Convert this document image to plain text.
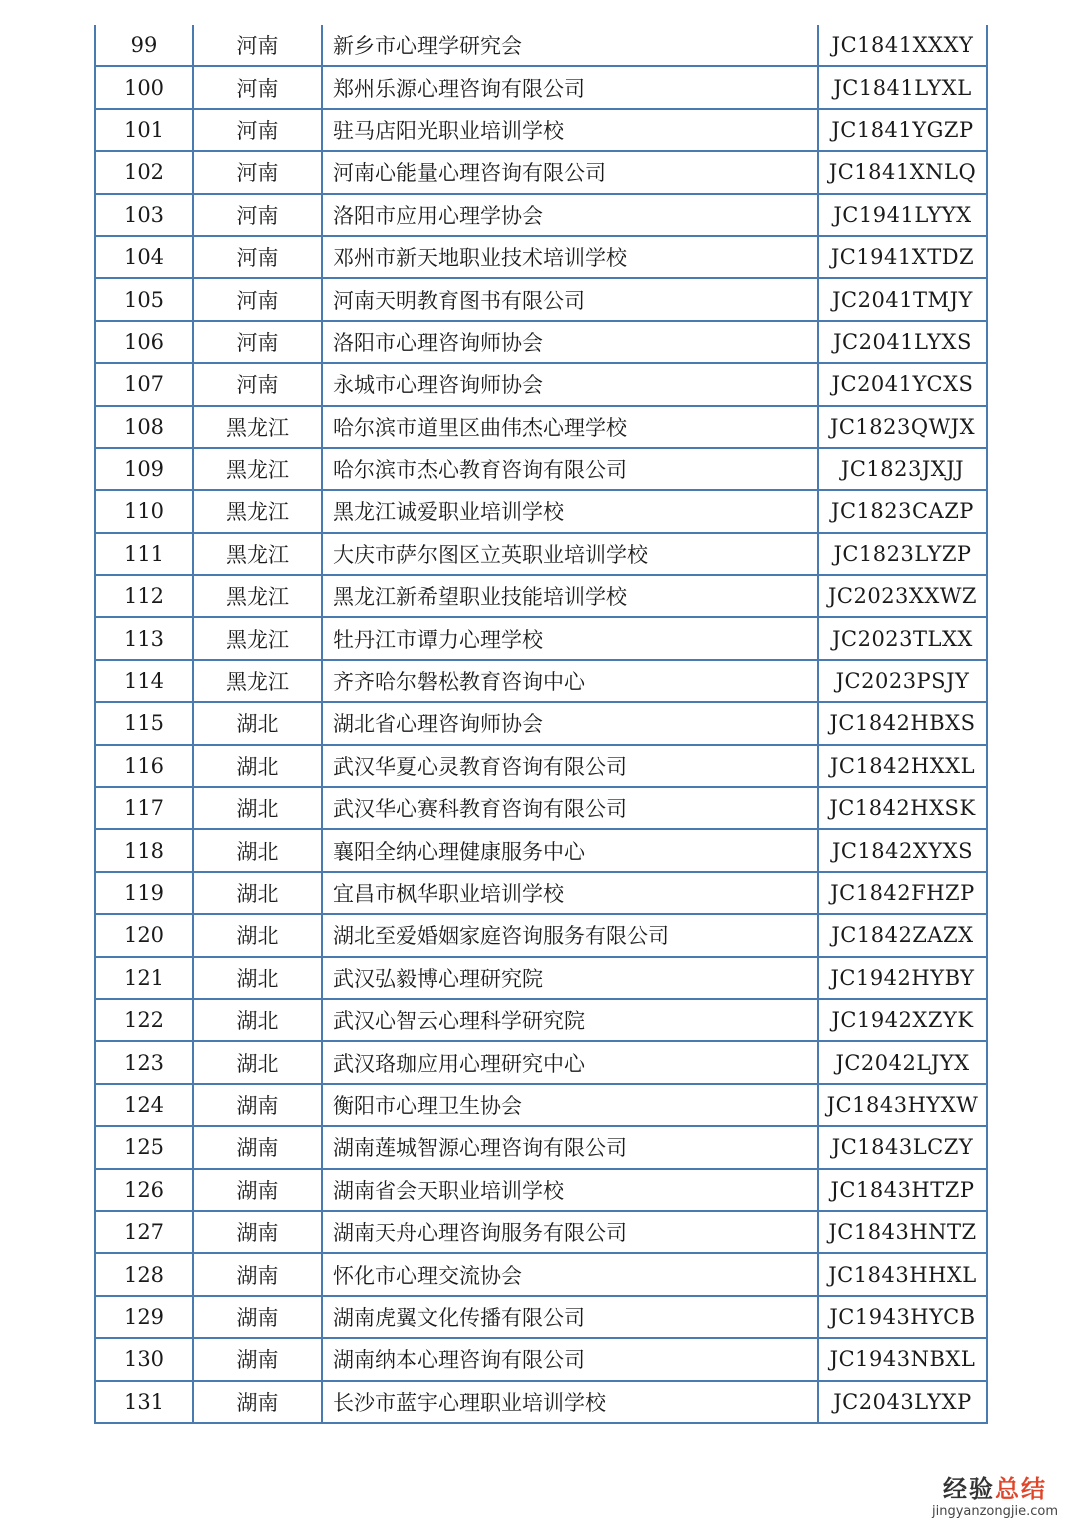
99	河南	新乡市心理学研究会	JC1841XXXY
100	河南	郑州乐源心理咨询有限公司	JC1841LYXL
101	河南	驻马店阳光职业培训学校	JC1841YGZP
102	河南	河南心能量心理咨询有限公司	JC1841XNLQ
103	河南	洛阳市应用心理学协会	JC1941LYYX
104	河南	邓州市新天地职业技术培训学校	JC1941XTDZ
105	河南	河南天明教育图书有限公司	JC2041TMJY
106	河南	洛阳市心理咨询师协会	JC2041LYXS
107	河南	永城市心理咨询师协会	JC2041YCXS
108	黑龙江	哈尔滨市道里区曲伟杰心理学校	JC1823QWJX
109	黑龙江	哈尔滨市杰心教育咨询有限公司	JC1823JXJJ
110	黑龙江	黑龙江诚爱职业培训学校	JC1823CAZP
111	黑龙江	大庆市萨尔图区立英职业培训学校	JC1823LYZP
112	黑龙江	黑龙江新希望职业技能培训学校	JC2023XXWZ
113	黑龙江	牡丹江市谭力心理学校	JC2023TLXX
114	黑龙江	齐齐哈尔磐松教育咨询中心	JC2023PSJY
115	湖北	湖北省心理咨询师协会	JC1842HBXS
116	湖北	武汉华夏心灵教育咨询有限公司	JC1842HXXL
117	湖北	武汉华心赛科教育咨询有限公司	JC1842HXSK
118	湖北	襄阳全纳心理健康服务中心	JC1842XYXS
119	湖北	宜昌市枫华职业培训学校	JC1842FHZP
120	湖北	湖北至爱婚姻家庭咨询服务有限公司	JC1842ZAZX
121	湖北	武汉弘毅博心理研究院	JC1942HYBY
122	湖北	武汉心智云心理科学研究院	JC1942XZYK
123	湖北	武汉珞珈应用心理研究中心	JC2042LJYX
124	湖南	衡阳市心理卫生协会	JC1843HYXW
125	湖南	湖南莲城智源心理咨询有限公司	JC1843LCZY
126	湖南	湖南省会天职业培训学校	JC1843HTZP
127	湖南	湖南天舟心理咨询服务有限公司	JC1843HNTZ
128	湖南	怀化市心理交流协会	JC1843HHXL
129	湖南	湖南虎翼文化传播有限公司	JC1943HYCB
130	湖南	湖南纳本心理咨询有限公司	JC1943NBXL
131	湖南	长沙市蓝宇心理职业培训学校	JC2043LYXP
经验总结
jingyanzongjie.com
